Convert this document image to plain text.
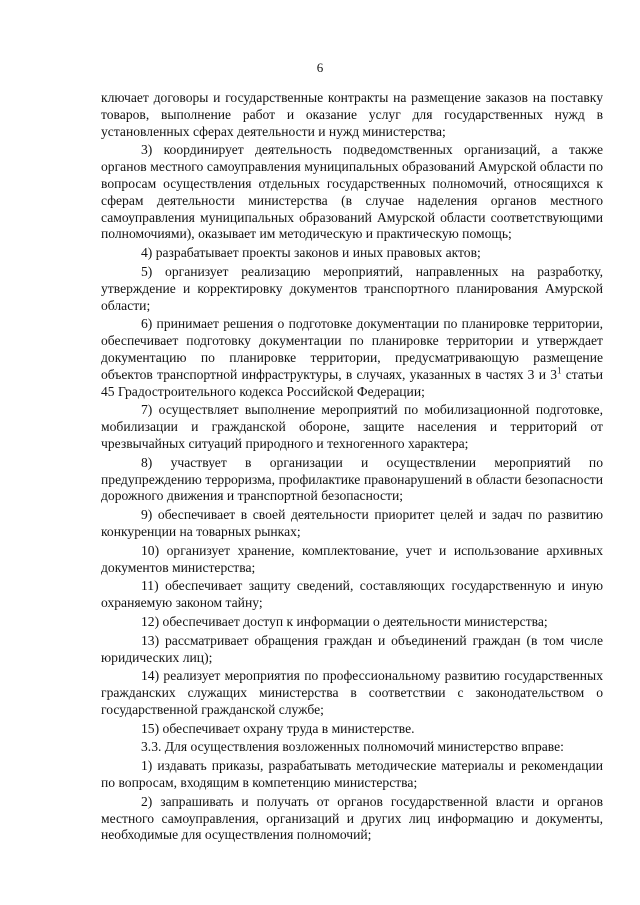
6

ключает договоры и государственные контракты на размещение заказов на поставку товаров, выполнение работ и оказание услуг для государственных нужд в установленных сферах деятельности и нужд министерства;

3) координирует деятельность подведомственных организаций, а также органов местного самоуправления муниципальных образований Амурской области по вопросам осуществления отдельных государственных полномочий, относящихся к сферам деятельности министерства (в случае наделения органов местного самоуправления муниципальных образований Амурской области соответствующими полномочиями), оказывает им методическую и практическую помощь;

4) разрабатывает проекты законов и иных правовых актов;

5) организует реализацию мероприятий, направленных на разработку, утверждение и корректировку документов транспортного планирования Амурской области;

6) принимает решения о подготовке документации по планировке территории, обеспечивает подготовку документации по планировке территории и утверждает документацию по планировке территории, предусматривающую размещение объектов транспортной инфраструктуры, в случаях, указанных в частях 3 и $3^1$ статьи 45 Градостроительного кодекса Российской Федерации;

7) осуществляет выполнение мероприятий по мобилизационной подготовке, мобилизации и гражданской обороне, защите населения и территорий от чрезвычайных ситуаций природного и техногенного характера;

8) участвует в организации и осуществлении мероприятий по предупреждению терроризма, профилактике правонарушений в области безопасности дорожного движения и транспортной безопасности;

9) обеспечивает в своей деятельности приоритет целей и задач по развитию конкуренции на товарных рынках;

10) организует хранение, комплектование, учет и использование архивных документов министерства;

11) обеспечивает защиту сведений, составляющих государственную и иную охраняемую законом тайну;

12) обеспечивает доступ к информации о деятельности министерства;

13) рассматривает обращения граждан и объединений граждан (в том числе юридических лиц);

14) реализует мероприятия по профессиональному развитию государственных гражданских служащих министерства в соответствии с законодательством о государственной гражданской службе;

15) обеспечивает охрану труда в министерстве.

3.3. Для осуществления возложенных полномочий министерство вправе:

1) издавать приказы, разрабатывать методические материалы и рекомендации по вопросам, входящим в компетенцию министерства;

2) запрашивать и получать от органов государственной власти и органов местного самоуправления, организаций и других лиц информацию и документы, необходимые для осуществления полномочий;
